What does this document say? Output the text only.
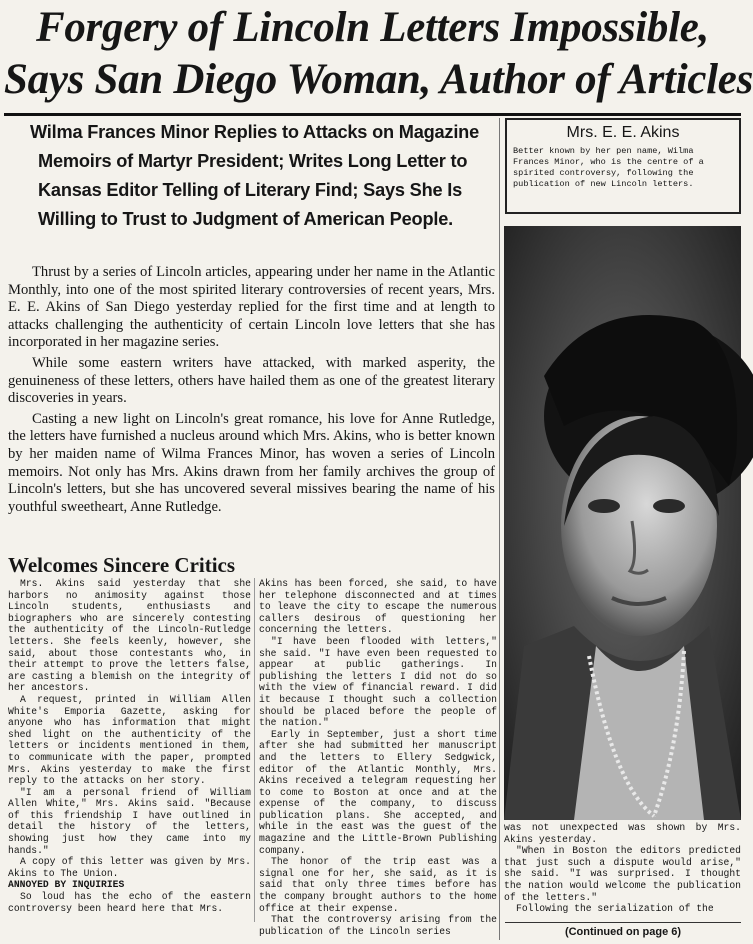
Forgery of Lincoln Letters Impossible,
Says San Diego Woman, Author of Articles
Wilma Frances Minor Replies to Attacks on Magazine
Memoirs of Martyr President; Writes Long Letter to
Kansas Editor Telling of Literary Find; Says She Is
Willing to Trust to Judgment of American People.
Mrs. E. E. Akins
Better known by her pen name, Wilma Frances Minor, who is the centre of a spirited controversy, following the publication of new Lincoln letters.

Thrust by a series of Lincoln articles, appearing under her name in the Atlantic Monthly, into one of the most spirited literary controversies of recent years, Mrs. E. E. Akins of San Diego yesterday replied for the first time and at length to attacks challenging the authenticity of certain Lincoln love letters that she has incorporated in her magazine series.

While some eastern writers have attacked, with marked asperity, the genuineness of these letters, others have hailed them as one of the greatest literary discoveries in years.

Casting a new light on Lincoln's great romance, his love for Anne Rutledge, the letters have furnished a nucleus around which Mrs. Akins, who is better known by her maiden name of Wilma Frances Minor, has woven a series of Lincoln memoirs. Not only has Mrs. Akins drawn from her family archives the group of Lincoln's letters, but she has uncovered several missives bearing the name of his youthful sweetheart, Anne Rutledge.

Welcomes Sincere Critics

Mrs. Akins said yesterday that she harbors no animosity against those Lincoln students, enthusiasts and biographers who are sincerely contesting the authenticity of the Lincoln-Rutledge letters. She feels keenly, however, she said, about those contestants who, in their attempt to prove the letters false, are casting a blemish on the integrity of her ancestors.

A request, printed in William Allen White's Emporia Gazette, asking for anyone who has information that might shed light on the authenticity of the letters or incidents mentioned in them, to communicate with the paper, prompted Mrs. Akins yesterday to make the first reply to the attacks on her story.

"I am a personal friend of William Allen White," Mrs. Akins said. "Because of this friendship I have outlined in detail the history of the letters, showing just how they came into my hands."

A copy of this letter was given by Mrs. Akins to The Union.

ANNOYED BY INQUIRIES

So loud has the echo of the eastern controversy been heard here that Mrs.

Akins has been forced, she said, to have her telephone disconnected and at times to leave the city to escape the numerous callers desirous of questioning her concerning the letters.

"I have been flooded with letters," she said. "I have even been requested to appear at public gatherings. In publishing the letters I did not do so with the view of financial reward. I did it because I thought such a collection should be placed before the people of the nation."

Early in September, just a short time after she had submitted her manuscript and the letters to Ellery Sedgwick, editor of the Atlantic Monthly, Mrs. Akins received a telegram requesting her to come to Boston at once and at the expense of the company, to discuss publication plans. She accepted, and while in the east was the guest of the magazine and the Little-Brown Publishing company.

The honor of the trip east was a signal one for her, she said, as it is said that only three times before has the company brought authors to the home office at their expense.

That the controversy arising from the publication of the Lincoln series

was not unexpected was shown by Mrs. Akins yesterday.

"When in Boston the editors predicted that just such a dispute would arise," she said. "I was surprised. I thought the nation would welcome the publication of the letters."

Following the serialization of the

(Continued on page 6)
